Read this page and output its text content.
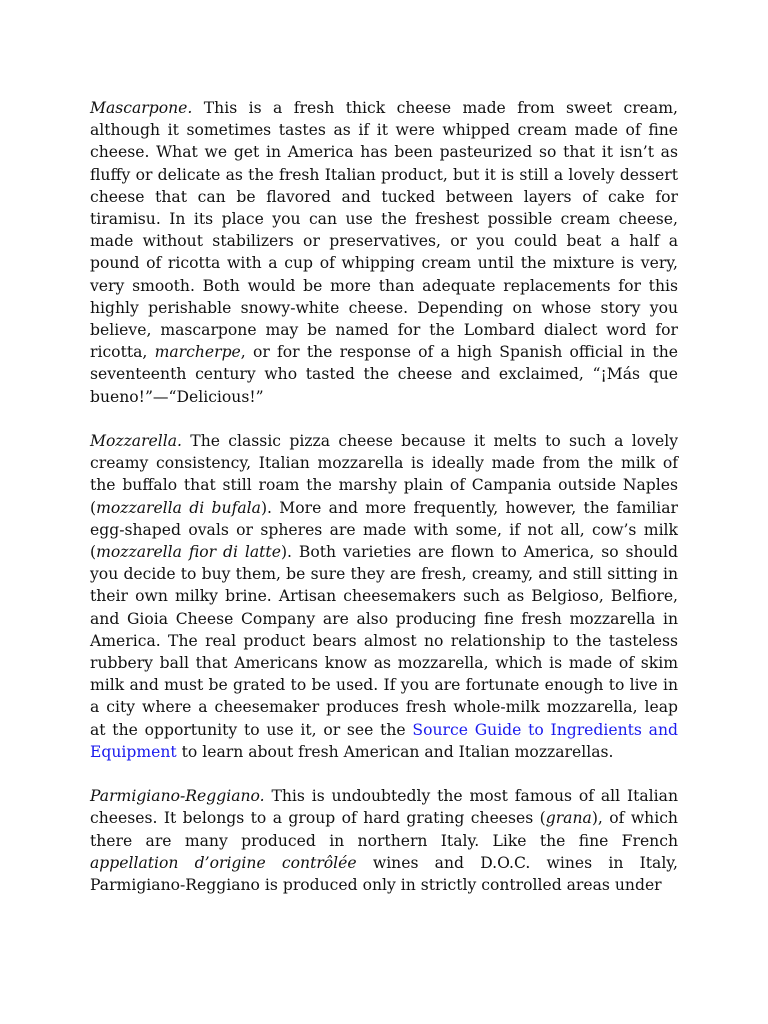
Mascarpone. This is a fresh thick cheese made from sweet cream, although it sometimes tastes as if it were whipped cream made of fine cheese. What we get in America has been pasteurized so that it isn’t as fluffy or delicate as the fresh Italian product, but it is still a lovely dessert cheese that can be flavored and tucked between layers of cake for tiramisu. In its place you can use the freshest possible cream cheese, made without stabilizers or preservatives, or you could beat a half a pound of ricotta with a cup of whipping cream until the mixture is very, very smooth. Both would be more than adequate replacements for this highly perishable snowy-white cheese. Depending on whose story you believe, mascarpone may be named for the Lombard dialect word for ricotta, marcherpe, or for the response of a high Spanish official in the seventeenth century who tasted the cheese and exclaimed, “¡Más que bueno!”—“Delicious!”

Mozzarella. The classic pizza cheese because it melts to such a lovely creamy consistency, Italian mozzarella is ideally made from the milk of the buffalo that still roam the marshy plain of Campania outside Naples (mozzarella di bufala). More and more frequently, however, the familiar egg-shaped ovals or spheres are made with some, if not all, cow’s milk (mozzarella fior di latte). Both varieties are flown to America, so should you decide to buy them, be sure they are fresh, creamy, and still sitting in their own milky brine. Artisan cheesemakers such as Belgioso, Belfiore, and Gioia Cheese Company are also producing fine fresh mozzarella in America. The real product bears almost no relationship to the tasteless rubbery ball that Americans know as mozzarella, which is made of skim milk and must be grated to be used. If you are fortunate enough to live in a city where a cheesemaker produces fresh whole-milk mozzarella, leap at the opportunity to use it, or see the Source Guide to Ingredients and Equipment to learn about fresh American and Italian mozzarellas.

Parmigiano-Reggiano. This is undoubtedly the most famous of all Italian cheeses. It belongs to a group of hard grating cheeses (grana), of which there are many produced in northern Italy. Like the fine French appellation d’origine contrôlée wines and D.O.C. wines in Italy, Parmigiano-Reggiano is produced only in strictly controlled areas under
